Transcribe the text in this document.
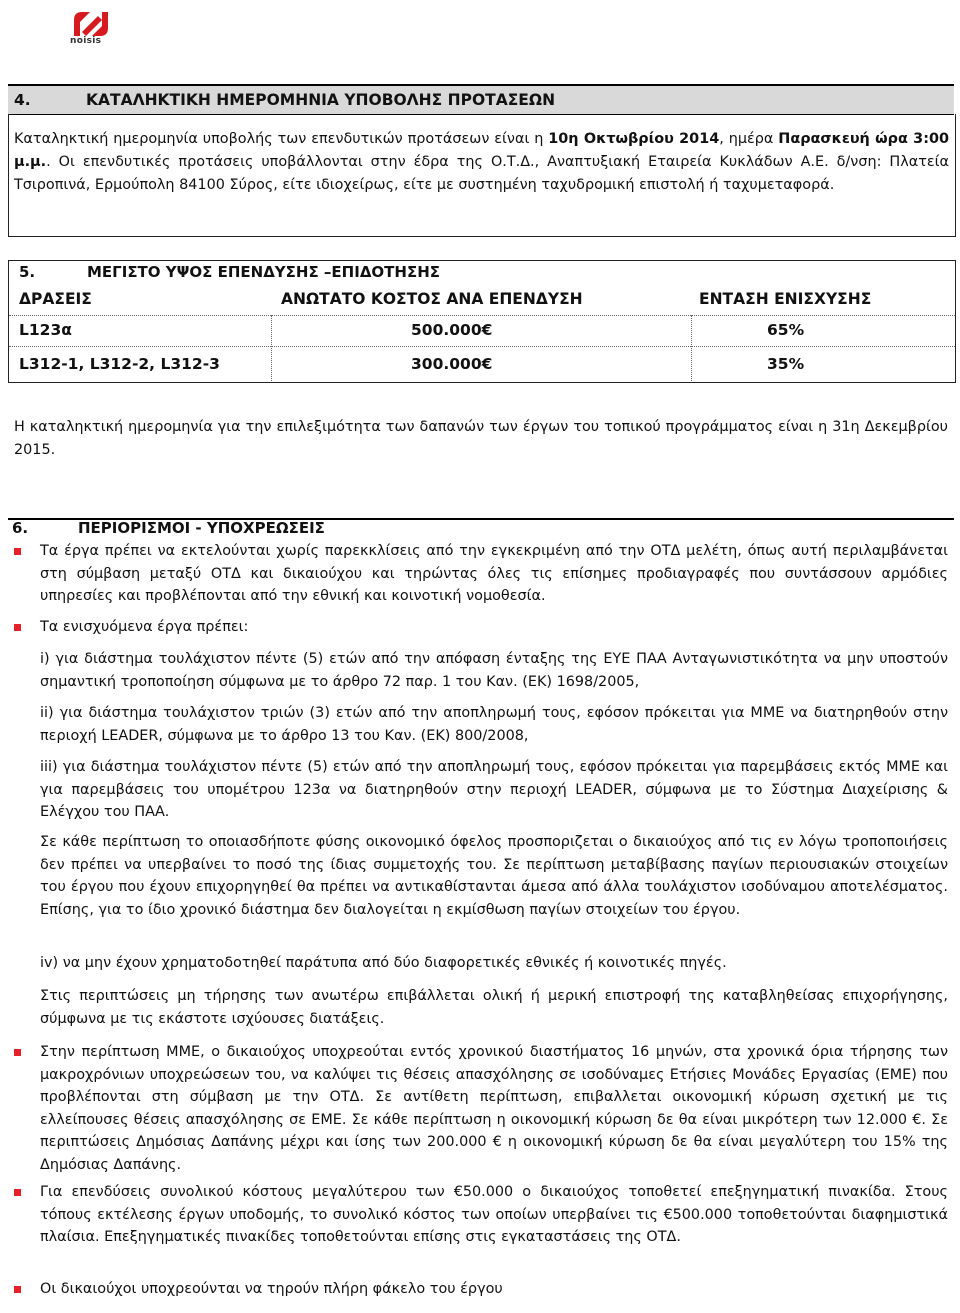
noisis
4.	ΚΑΤΑΛΗΚΤΙΚΗ ΗΜΕΡΟΜΗΝΙΑ ΥΠΟΒΟΛΗΣ ΠΡΟΤΑΣΕΩΝ

Καταληκτική ημερομηνία υποβολής των επενδυτικών προτάσεων είναι η 10η Οκτωβρίου 2014, ημέρα Παρασκευή ώρα 3:00 μ.μ.. Οι επενδυτικές προτάσεις υποβάλλονται στην έδρα της Ο.Τ.Δ., Αναπτυξιακή Εταιρεία Κυκλάδων Α.Ε. δ/νση: Πλατεία Τσιροπινά, Ερμούπολη 84100 Σύρος, είτε ιδιοχείρως, είτε με συστημένη ταχυδρομική επιστολή ή ταχυμεταφορά.

5.	ΜΕΓΙΣΤΟ ΥΨΟΣ ΕΠΕΝΔΥΣΗΣ –ΕΠΙΔΟΤΗΣΗΣ
ΔΡΑΣΕΙΣ	ΑΝΩΤΑΤΟ ΚΟΣΤΟΣ ΑΝΑ ΕΠΕΝΔΥΣΗ	ΕΝΤΑΣΗ ΕΝΙΣΧΥΣΗΣ
L123α	500.000€	65%
L312-1, L312-2, L312-3	300.000€	35%

Η καταληκτική ημερομηνία για την επιλεξιμότητα των δαπανών των έργων του τοπικού προγράμματος είναι η 31η Δεκεμβρίου 2015.

6.	ΠΕΡΙΟΡΙΣΜΟΙ - ΥΠΟΧΡΕΩΣΕΙΣ

Τα έργα πρέπει να εκτελούνται χωρίς παρεκκλίσεις από την εγκεκριμένη από την ΟΤΔ μελέτη, όπως αυτή περιλαμβάνεται στη σύμβαση μεταξύ ΟΤΔ και δικαιούχου και τηρώντας όλες τις επίσημες προδιαγραφές που συντάσσουν αρμόδιες υπηρεσίες και προβλέπονται από την εθνική και κοινοτική νομοθεσία.

Τα ενισχυόμενα έργα πρέπει:

i) για διάστημα τουλάχιστον πέντε (5) ετών από την απόφαση ένταξης της ΕΥΕ ΠΑΑ Ανταγωνιστικότητα να μην υποστούν σημαντική τροποποίηση σύμφωνα με το άρθρο 72 παρ. 1 του Καν. (ΕΚ) 1698/2005,

ii) για διάστημα τουλάχιστον τριών (3) ετών από την αποπληρωμή τους, εφόσον πρόκειται για ΜΜΕ να διατηρηθούν στην περιοχή LEADER, σύμφωνα με το άρθρο 13 του Καν. (ΕΚ) 800/2008,

iii) για διάστημα τουλάχιστον πέντε (5) ετών από την αποπληρωμή τους, εφόσον πρόκειται για παρεμβάσεις εκτός ΜΜΕ και για παρεμβάσεις του υπομέτρου 123α να διατηρηθούν στην περιοχή LEADER, σύμφωνα με το Σύστημα Διαχείρισης & Ελέγχου του ΠΑΑ.

Σε κάθε περίπτωση το οποιασδήποτε φύσης οικονομικό όφελος προσποριζεται ο δικαιούχος από τις εν λόγω τροποποιήσεις δεν πρέπει να υπερβαίνει το ποσό της ίδιας συμμετοχής του. Σε περίπτωση μεταβίβασης παγίων περιουσιακών στοιχείων του έργου που έχουν επιχορηγηθεί θα πρέπει να αντικαθίστανται άμεσα από άλλα τουλάχιστον ισοδύναμου αποτελέσματος. Επίσης, για το ίδιο χρονικό διάστημα δεν διαλογείται η εκμίσθωση παγίων στοιχείων του έργου.

iv) να μην έχουν χρηματοδοτηθεί παράτυπα από δύο διαφορετικές εθνικές ή κοινοτικές πηγές.

Στις περιπτώσεις μη τήρησης των ανωτέρω επιβάλλεται ολική ή μερική επιστροφή της καταβληθείσας επιχορήγησης, σύμφωνα με τις εκάστοτε ισχύουσες διατάξεις.

Στην περίπτωση ΜΜΕ, ο δικαιούχος υποχρεούται εντός χρονικού διαστήματος 16 μηνών, στα χρονικά όρια τήρησης των μακροχρόνιων υποχρεώσεων του, να καλύψει τις θέσεις απασχόλησης σε ισοδύναμες Ετήσιες Μονάδες Εργασίας (ΕΜΕ) που προβλέπονται στη σύμβαση με την ΟΤΔ. Σε αντίθετη περίπτωση, επιβαλλεται οικονομική κύρωση σχετική με τις ελλείπουσες θέσεις απασχόλησης σε ΕΜΕ. Σε κάθε περίπτωση η οικονομική κύρωση δε θα είναι μικρότερη των 12.000 €. Σε περιπτώσεις Δημόσιας Δαπάνης μέχρι και ίσης των 200.000 € η οικονομική κύρωση δε θα είναι μεγαλύτερη του 15% της Δημόσιας Δαπάνης.

Για επενδύσεις συνολικού κόστους μεγαλύτερου των €50.000 ο δικαιούχος τοποθετεί επεξηγηματική πινακίδα. Στους τόπους εκτέλεσης έργων υποδομής, το συνολικό κόστος των οποίων υπερβαίνει τις €500.000 τοποθετούνται διαφημιστικά πλαίσια. Επεξηγηματικές πινακίδες τοποθετούνται επίσης στις εγκαταστάσεις της ΟΤΔ.

Οι δικαιούχοι υποχρεούνται να τηρούν πλήρη φάκελο του έργου
